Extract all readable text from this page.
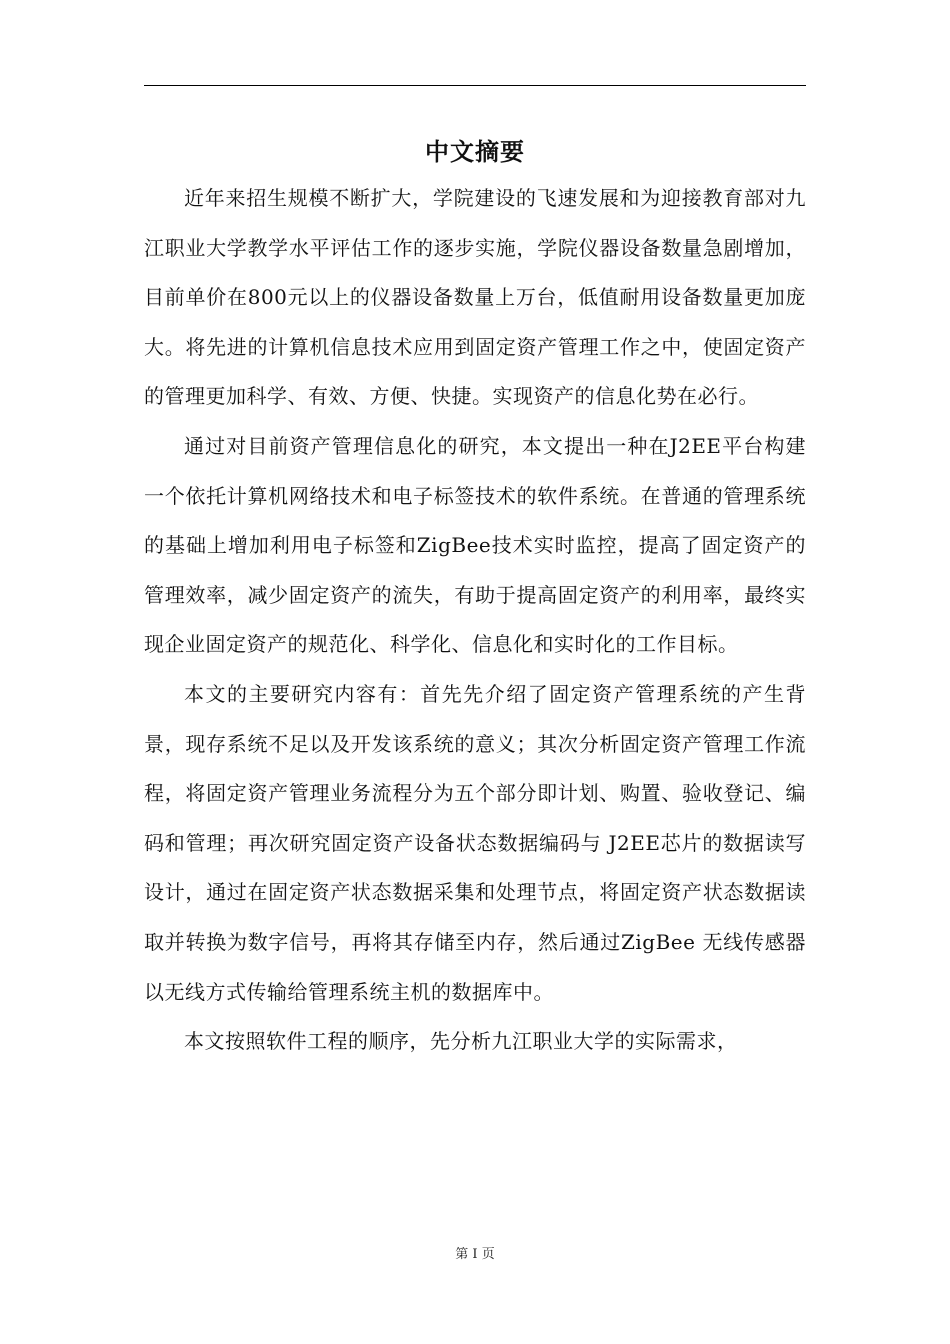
中文摘要

近年来招生规模不断扩大，学院建设的飞速发展和为迎接教育部对九江职业大学教学水平评估工作的逐步实施，学院仪器设备数量急剧增加，目前单价在800元以上的仪器设备数量上万台，低值耐用设备数量更加庞大。将先进的计算机信息技术应用到固定资产管理工作之中，使固定资产的管理更加科学、有效、方便、快捷。实现资产的信息化势在必行。

通过对目前资产管理信息化的研究，本文提出一种在J2EE平台构建一个依托计算机网络技术和电子标签技术的软件系统。在普通的管理系统的基础上增加利用电子标签和ZigBee技术实时监控，提高了固定资产的管理效率，减少固定资产的流失，有助于提高固定资产的利用率，最终实现企业固定资产的规范化、科学化、信息化和实时化的工作目标。

本文的主要研究内容有：首先先介绍了固定资产管理系统的产生背景，现存系统不足以及开发该系统的意义；其次分析固定资产管理工作流程，将固定资产管理业务流程分为五个部分即计划、购置、验收登记、编码和管理；再次研究固定资产设备状态数据编码与 J2EE芯片的数据读写设计，通过在固定资产状态数据采集和处理节点，将固定资产状态数据读取并转换为数字信号，再将其存储至内存，然后通过ZigBee 无线传感器以无线方式传输给管理系统主机的数据库中。

本文按照软件工程的顺序，先分析九江职业大学的实际需求，

第 I 页
